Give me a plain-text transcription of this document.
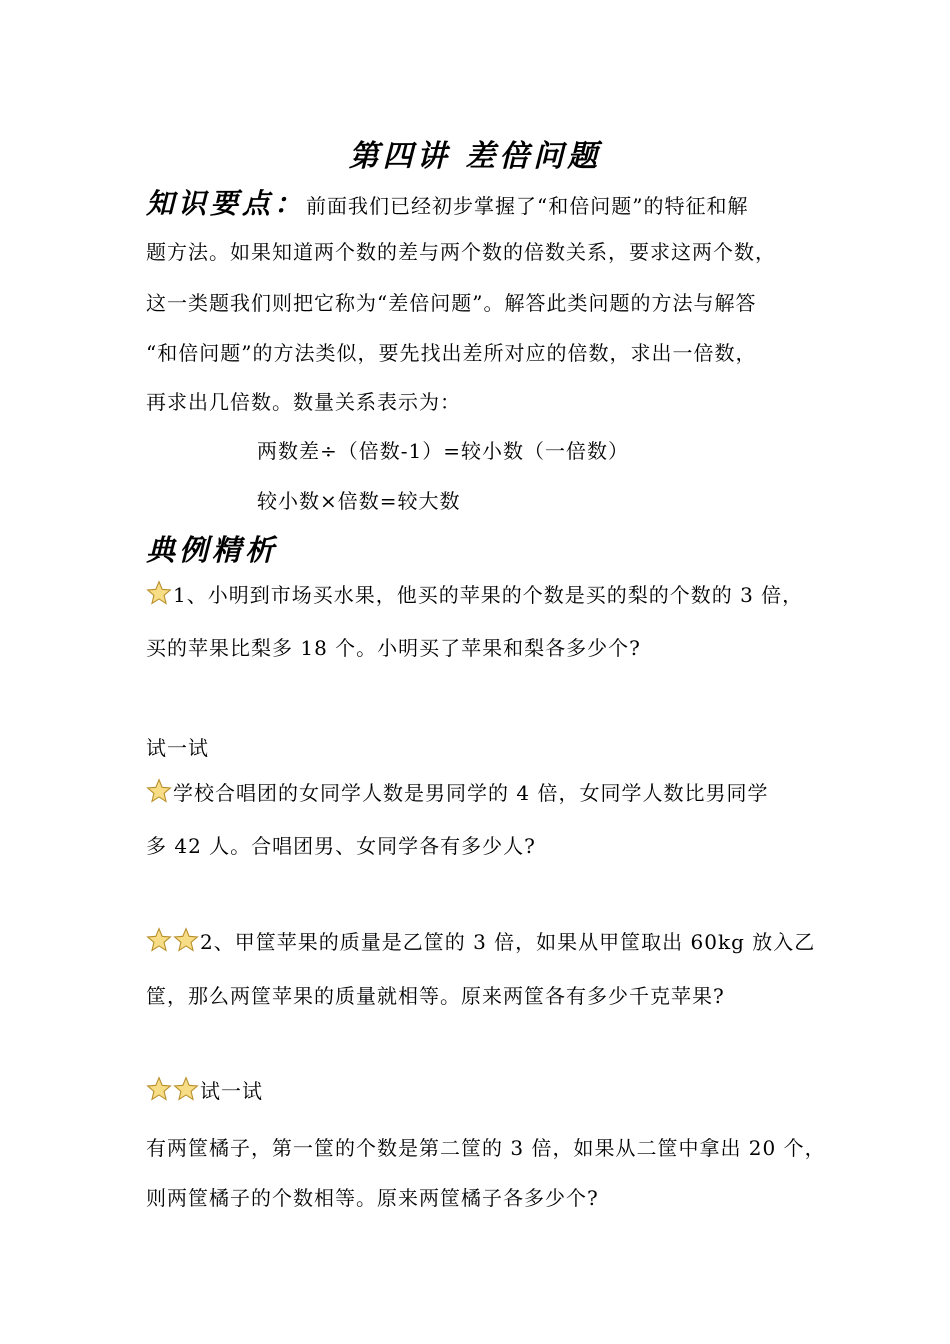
第四讲 差倍问题
知识要点：前面我们已经初步掌握了“和倍问题”的特征和解
题方法。如果知道两个数的差与两个数的倍数关系，要求这两个数，
这一类题我们则把它称为“差倍问题”。解答此类问题的方法与解答
“和倍问题”的方法类似，要先找出差所对应的倍数，求出一倍数，
再求出几倍数。数量关系表示为：
两数差÷（倍数-1）=较小数（一倍数）
较小数×倍数=较大数
典例精析
1、小明到市场买水果，他买的苹果的个数是买的梨的个数的 3 倍，
买的苹果比梨多 18 个。小明买了苹果和梨各多少个?
试一试
学校合唱团的女同学人数是男同学的 4 倍，女同学人数比男同学
多 42 人。合唱团男、女同学各有多少人?
2、甲筐苹果的质量是乙筐的 3 倍，如果从甲筐取出 60kg 放入乙
筐，那么两筐苹果的质量就相等。原来两筐各有多少千克苹果?
试一试
有两筐橘子，第一筐的个数是第二筐的 3 倍，如果从二筐中拿出 20 个，
则两筐橘子的个数相等。原来两筐橘子各多少个?
